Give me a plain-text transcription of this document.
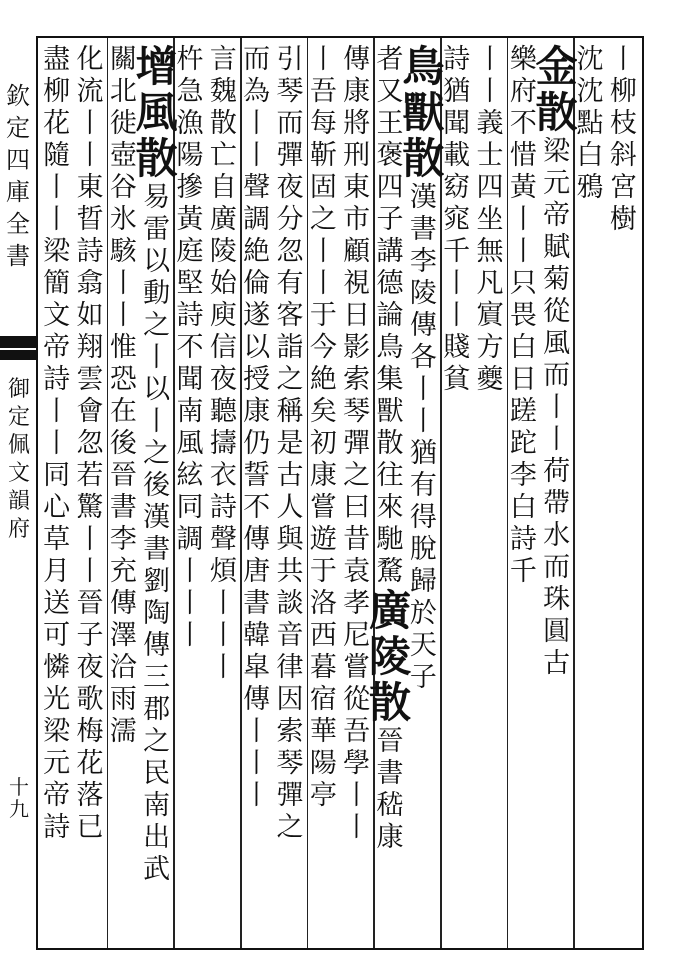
欽
定
四
庫
全
書
御
定
佩
文
韻
府
十
九
丨
柳
枝
斜
宮
樹
沈
沈
點
白
鴉
金
散
梁
元
帝
賦
菊
從
風
而
丨
丨
荷
帶
水
而
珠
圓
古
樂
府
不
惜
黃
丨
丨
只
畏
白
日
蹉
跎
李
白
詩
千
丨
丨
義
士
四
坐
無
凡
賔
方
夔
詩
猶
聞
載
窈
窕
千
丨
丨
賤
貧
鳥
獸
散
漢
書
李
陵
傳
各
丨
丨
猶
有
得
脫
歸
於
天
子
者
又
王
褒
四
子
講
德
論
鳥
集
獸
散
往
來
馳
騖
廣
陵
散
晉
書
嵇
康
傳
康
將
刑
東
市
顧
視
日
影
索
琴
彈
之
曰
昔
袁
孝
尼
嘗
從
吾
學
丨
丨
丨
吾
每
靳
固
之
丨
丨
于
今
絶
矣
初
康
嘗
遊
于
洛
西
暮
宿
華
陽
亭
引
琴
而
彈
夜
分
忽
有
客
詣
之
稱
是
古
人
與
共
談
音
律
因
索
琴
彈
之
而
為
丨
丨
聲
調
絶
倫
遂
以
授
康
仍
誓
不
傳
唐
書
韓
皐
傳
丨
丨
丨
言
魏
散
亡
自
廣
陵
始
庾
信
夜
聽
擣
衣
詩
聲
煩
丨
丨
丨
杵
急
漁
陽
摻
黃
庭
堅
詩
不
聞
南
風
絃
同
調
丨
丨
丨
增
風
散
易
雷
以
動
之
丨
以
丨
之
後
漢
書
劉
陶
傳
三
郡
之
民
南
出
武
關
北
徙
壺
谷
氷
駭
丨
丨
惟
恐
在
後
晉
書
李
充
傳
澤
洽
雨
濡
化
流
丨
丨
東
晢
詩
翕
如
翔
雲
會
忽
若
驚
丨
丨
晉
子
夜
歌
梅
花
落
已
盡
柳
花
隨
丨
丨
梁
簡
文
帝
詩
丨
丨
同
心
草
月
送
可
憐
光
梁
元
帝
詩
